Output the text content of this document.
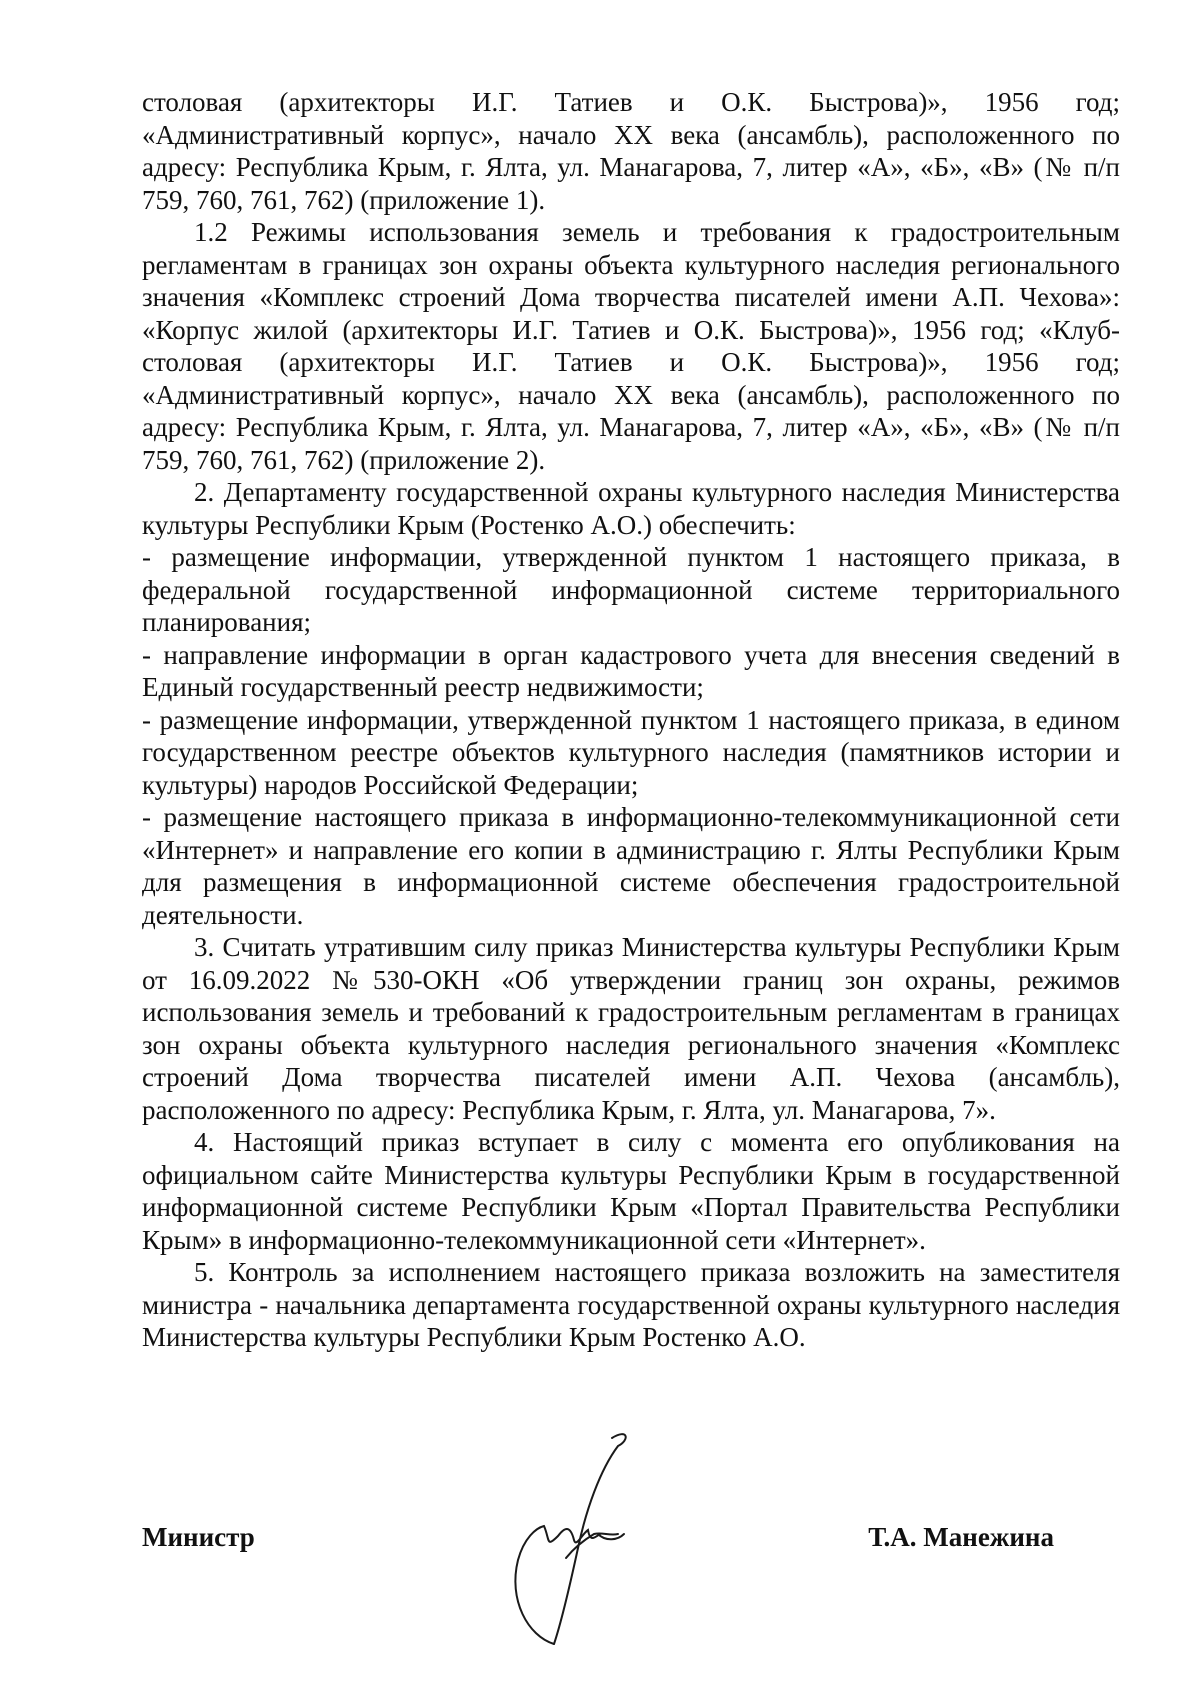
столовая (архитекторы И.Г. Татиев и О.К. Быстрова)», 1956 год; «Административный корпус», начало XX века (ансамбль), расположенного по адресу: Республика Крым, г. Ялта, ул. Манагарова, 7, литер «А», «Б», «В» (№ п/п 759, 760, 761, 762) (приложение 1).

1.2 Режимы использования земель и требования к градостроительным регламентам в границах зон охраны объекта культурного наследия регионального значения «Комплекс строений Дома творчества писателей имени А.П. Чехова»: «Корпус жилой (архитекторы И.Г. Татиев и О.К. Быстрова)», 1956 год; «Клуб-столовая (архитекторы И.Г. Татиев и О.К. Быстрова)», 1956 год; «Административный корпус», начало XX века (ансамбль), расположенного по адресу: Республика Крым, г. Ялта, ул. Манагарова, 7, литер «А», «Б», «В» (№ п/п 759, 760, 761, 762) (приложение 2).

2. Департаменту государственной охраны культурного наследия Министерства культуры Республики Крым (Ростенко А.О.) обеспечить:

- размещение информации, утвержденной пунктом 1 настоящего приказа, в федеральной государственной информационной системе территориального планирования;

- направление информации в орган кадастрового учета для внесения сведений в Единый государственный реестр недвижимости;

- размещение информации, утвержденной пунктом 1 настоящего приказа, в едином государственном реестре объектов культурного наследия (памятников истории и культуры) народов Российской Федерации;

- размещение настоящего приказа в информационно-телекоммуникационной сети «Интернет» и направление его копии в администрацию г. Ялты Республики Крым для размещения в информационной системе обеспечения градостроительной деятельности.

3. Считать утратившим силу приказ Министерства культуры Республики Крым от 16.09.2022 №530-ОКН «Об утверждении границ зон охраны, режимов использования земель и требований к градостроительным регламентам в границах зон охраны объекта культурного наследия регионального значения «Комплекс строений Дома творчества писателей имени А.П. Чехова (ансамбль), расположенного по адресу: Республика Крым, г. Ялта, ул. Манагарова, 7».

4. Настоящий приказ вступает в силу с момента его опубликования на официальном сайте Министерства культуры Республики Крым в государственной информационной системе Республики Крым «Портал Правительства Республики Крым» в информационно-телекоммуникационной сети «Интернет».

5. Контроль за исполнением настоящего приказа возложить на заместителя министра - начальника департамента государственной охраны культурного наследия Министерства культуры Республики Крым Ростенко А.О.

Министр	Т.А. Манежина
